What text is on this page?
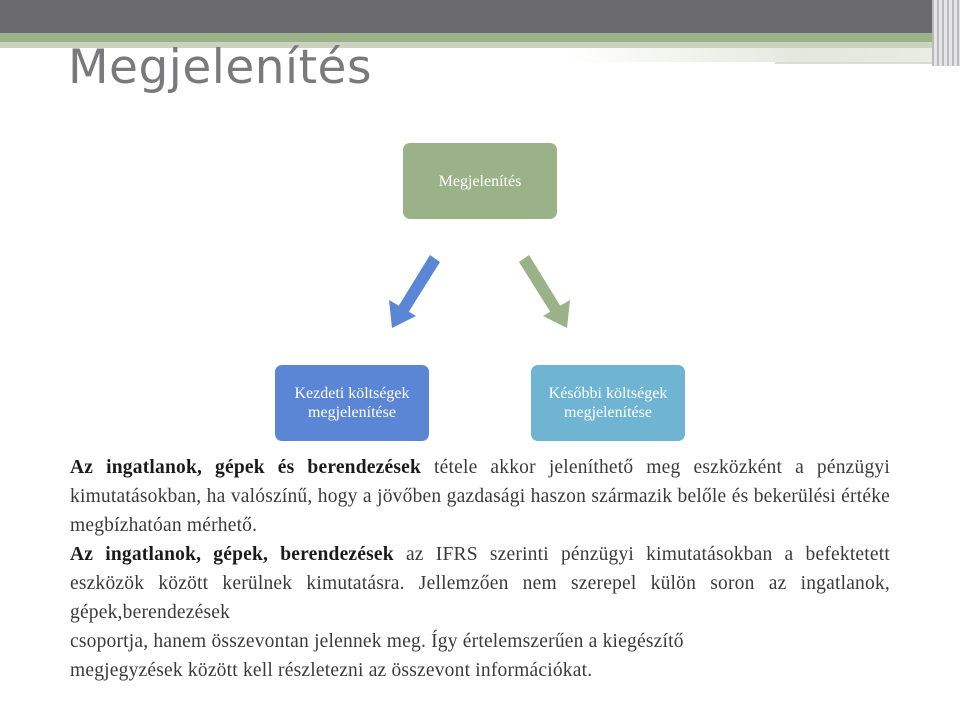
Megjelenítés
Megjelenítés
Kezdeti költségek megjelenítése
Későbbi költségek megjelenítése

Az ingatlanok, gépek és berendezések tétele akkor jeleníthető meg eszközként a pénzügyi kimutatásokban, ha valószínű, hogy a jövőben gazdasági haszon származik belőle és bekerülési értéke megbízhatóan mérhető.

Az ingatlanok, gépek, berendezések az IFRS szerinti pénzügyi kimutatásokban a befektetett eszközök között kerülnek kimutatásra. Jellemzően nem szerepel külön soron az ingatlanok, gépek,berendezések

csoportja, hanem összevontan jelennek meg. Így értelemszerűen a kiegészítő

megjegyzések között kell részletezni az összevont információkat.
